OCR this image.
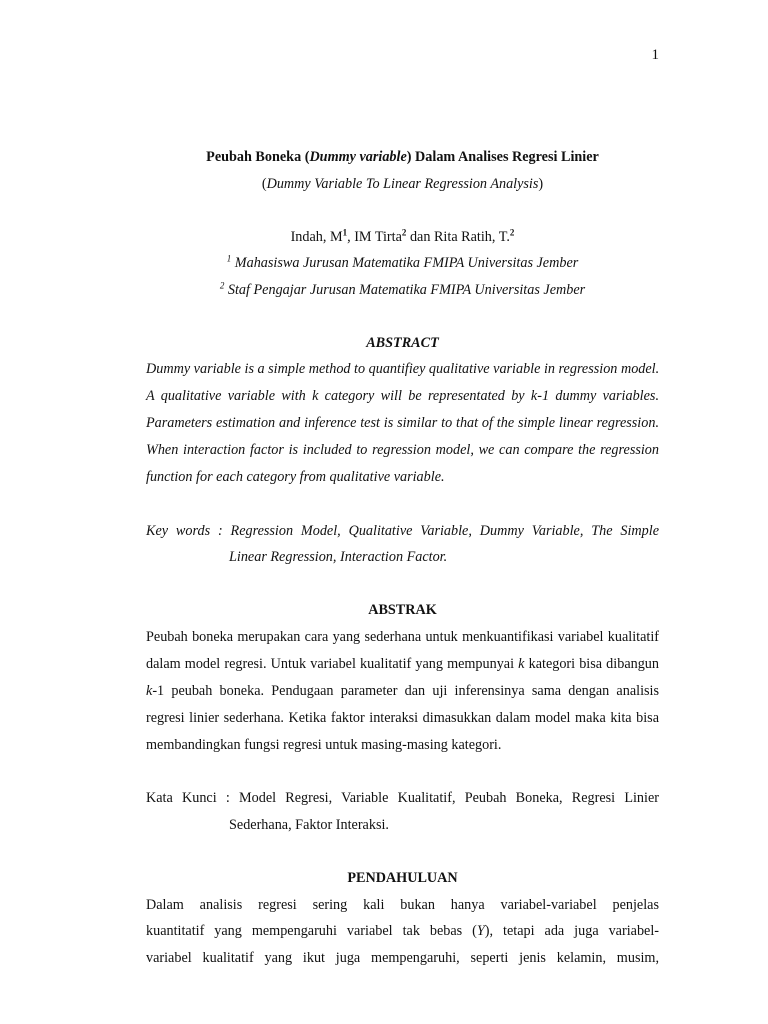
1
Peubah Boneka (Dummy variable) Dalam Analises Regresi Linier
(Dummy Variable To Linear Regression Analysis)
Indah, $M^1$, IM Tirta$^2$ dan Rita Ratih, T.$^2$
$^1$ Mahasiswa Jurusan Matematika FMIPA Universitas Jember
$^2$ Staf Pengajar Jurusan Matematika FMIPA Universitas Jember
ABSTRACT
Dummy variable is a simple method to quantifiey qualitative variable in regression model.
A qualitative variable with k category will be representated by k-1 dummy variables.
Parameters estimation and inference test is similar to that of the simple linear regression.
When interaction factor is included to regression model, we can compare the regression
function for each category from qualitative variable.
Key words : Regression Model, Qualitative Variable, Dummy Variable, The Simple
Linear Regression, Interaction Factor.
ABSTRAK
Peubah boneka merupakan cara yang sederhana untuk menkuantifikasi variabel kualitatif
dalam model regresi. Untuk variabel kualitatif yang mempunyai k kategori bisa dibangun
k-1 peubah boneka. Pendugaan parameter dan uji inferensinya sama dengan analisis
regresi linier sederhana. Ketika faktor interaksi dimasukkan dalam model maka kita bisa
membandingkan fungsi regresi untuk masing-masing kategori.
Kata Kunci : Model Regresi, Variable Kualitatif, Peubah Boneka, Regresi Linier
Sederhana, Faktor Interaksi.
PENDAHULUAN
Dalam analisis regresi sering kali bukan hanya variabel-variabel penjelas
kuantitatif yang mempengaruhi variabel tak bebas (Y), tetapi ada juga variabel-
variabel kualitatif yang ikut juga mempengaruhi, seperti jenis kelamin, musim,
